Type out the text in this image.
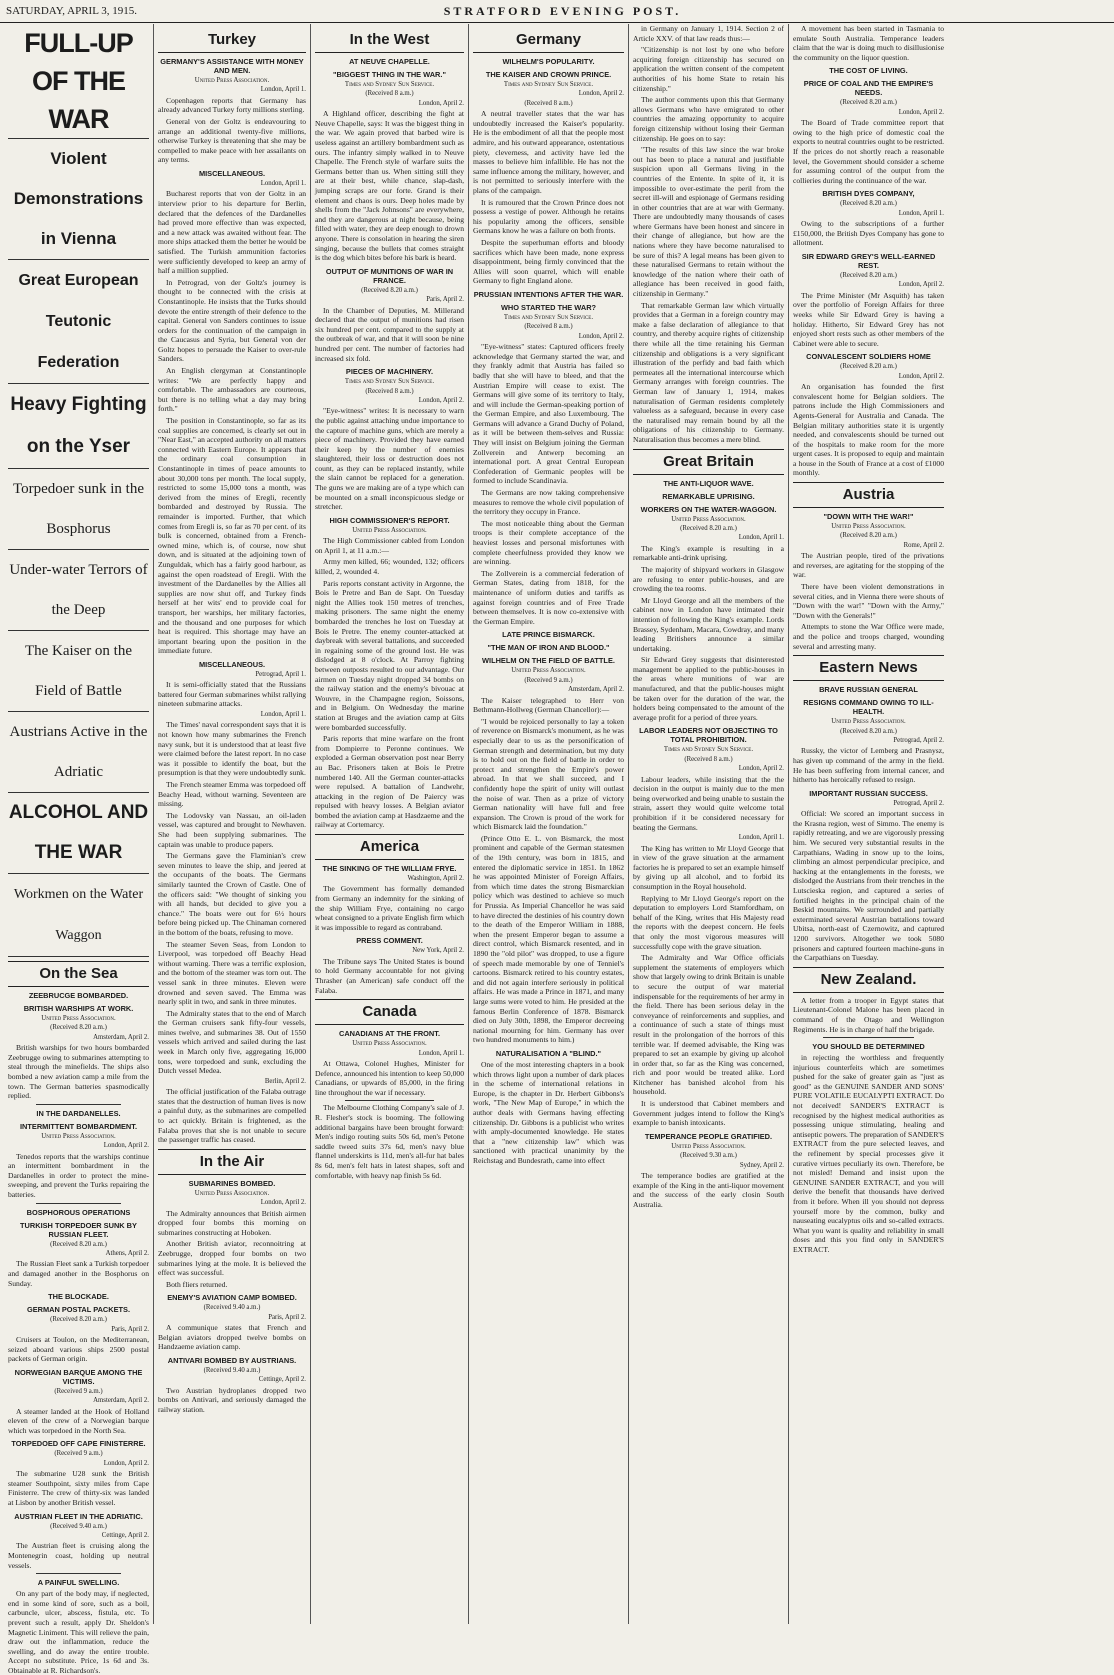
SATURDAY, APRIL 3, 1915.	STRATFORD EVENING POST.
FULL-UP OF THE WAR
Violent Demonstrations in Vienna
Great European Teutonic Federation
Heavy Fighting on the Yser
Torpedoer sunk in the Bosphorus
Under-water Terrors of the Deep
The Kaiser on the Field of Battle
Austrians Active in the Adriatic
ALCOHOL AND THE WAR
Workmen on the Water Waggon
On the Sea
ZEEBRUCGE BOMBARDED.
BRITISH WARSHIPS AT WORK.
United Press Association.
(Received 8.20 a.m.)
Amsterdam, April 2.

British warships for two hours bombarded Zeebrugge owing to submarines attempting to steal through the minefields. The ships also bombed a new aviation camp a mile from the town. The German batteries spasmodically replied.

IN THE DARDANELLES.
INTERMITTENT BOMBARDMENT.
United Press Association.
London, April 2.

Tenedos reports that the warships continue an intermittent bombardment in the Dardanelles in order to protect the mine-sweeping, and prevent the Turks repairing the batteries.

BOSPHOROUS OPERATIONS
TURKISH TORPEDOER SUNK BY RUSSIAN FLEET.
(Received 8.20 a.m.)
Athens, April 2.

The Russian Fleet sank a Turkish torpedoer and damaged another in the Bosphorus on Sunday.

THE BLOCKADE.
GERMAN POSTAL PACKETS.
(Received 8.20 a.m.)
Paris, April 2.

Cruisers at Toulon, on the Mediterranean, seized aboard various ships 2500 postal packets of German origin.

NORWEGIAN BARQUE AMONG THE VICTIMS.
(Received 9 a.m.)
Amsterdam, April 2.

A steamer landed at the Hook of Holland eleven of the crew of a Norwegian barque which was torpedoed in the North Sea.

TORPEDOED OFF CAPE FINISTERRE.
(Received 9 a.m.)
London, April 2.

The submarine U28 sunk the British steamer Southpoint, sixty miles from Cape Finisterre. The crew of thirty-six was landed at Lisbon by another British vessel.

AUSTRIAN FLEET IN THE ADRIATIC.
(Received 9.40 a.m.)
Cettinge, April 2.

The Austrian fleet is cruising along the Montenegrin coast, holding up neutral vessels.

A PAINFUL SWELLING.

On any part of the body may, if neglected, end in some kind of sore, such as a boil, carbuncle, ulcer, abscess, fistula, etc. To prevent such a result, apply Dr. Sheldon's Magnetic Liniment. This will relieve the pain, draw out the inflammation, reduce the swelling, and do away the entire trouble. Accept no substitute. Price, 1s 6d and 3s. Obtainable at R. Richardson's.

Turkey
GERMANY'S ASSISTANCE WITH MONEY AND MEN.
United Press Association.
London, April 1.

Copenhagen reports that Germany has already advanced Turkey forty millions sterling.

General von der Goltz is endeavouring to arrange an additional twenty-five millions, otherwise Turkey is threatening that she may be compelled to make peace with her assailants on any terms.

MISCELLANEOUS.
London, April 1.

Bucharest reports that von der Goltz in an interview prior to his departure for Berlin, declared that the defences of the Dardanelles had proved more effective than was expected, and a new attack was awaited without fear. The more ships attacked them the better he would be satisfied. The Turkish ammunition factories were sufficiently developed to keep an army of half a million supplied.

In Petrograd, von der Goltz's journey is thought to be connected with the crisis at Constantinople. He insists that the Turks should devote the entire strength of their defence to the capital. General von Sanders continues to issue orders for the continuation of the campaign in the Caucasus and Syria, but General von der Goltz hopes to persuade the Kaiser to over-rule Sanders.

An English clergyman at Constantinople writes: "We are perfectly happy and comfortable. The ambassadors are courteous, but there is no telling what a day may bring forth."

The position in Constantinople, so far as its coal supplies are concerned, is clearly set out in "Near East," an accepted authority on all matters connected with Eastern Europe. It appears that the ordinary coal consumption in Constantinople in times of peace amounts to about 30,000 tons per month. The local supply, restricted to some 15,000 tons a month, was derived from the mines of Eregli, recently bombarded and destroyed by Russia. The remainder is imported. Further, that which comes from Eregli is, so far as 70 per cent. of its bulk is concerned, obtained from a French-owned mine, which is, of course, now shut down, and is situated at the adjoining town of Zunguldak, which has a fairly good harbour, as against the open roadstead of Eregli. With the investment of the Dardanelles by the Allies all supplies are now shut off, and Turkey finds herself at her wits' end to provide coal for transport, her warships, her military factories, and the thousand and one purposes for which heat is required. This shortage may have an important bearing upon the position in the immediate future.

MISCELLANEOUS.
Petrograd, April 1.

It is semi-officially stated that the Russians battered four German submarines whilst rallying nineteen submarine attacks.

London, April 1.

The Times' naval correspondent says that it is not known how many submarines the French navy sunk, but it is understood that at least five were claimed before the latest report. In no case was it possible to identify the boat, but the presumption is that they were undoubtedly sunk.

The French steamer Emma was torpedoed off Beachy Head, without warning. Seventeen are missing.

The Lodovsky van Nassau, an oil-laden vessel, was captured and brought to Newhaven. She had been supplying submarines. The captain was unable to produce papers.

The Germans gave the Flaminian's crew seven minutes to leave the ship, and jeered at the occupants of the boats. The Germans similarly taunted the Crown of Castle. One of the officers said: "We thought of sinking you with all hands, but decided to give you a chance." The boats were out for 6½ hours before being picked up. The Chinaman cornered in the bottom of the boats, refusing to move.

The steamer Seven Seas, from London to Liverpool, was torpedoed off Beachy Head without warning. There was a terrific explosion, and the bottom of the steamer was torn out. The vessel sank in three minutes. Eleven were drowned and seven saved. The Emma was nearly split in two, and sank in three minutes.

The Admiralty states that to the end of March the German cruisers sank fifty-four vessels, mines twelve, and submarines 38. Out of 1550 vessels which arrived and sailed during the last week in March only five, aggregating 16,000 tons, were torpedoed and sunk, excluding the Dutch vessel Medea.

Berlin, April 2.

The official justification of the Falaba outrage states that the destruction of human lives is now a painful duty, as the submarines are compelled to act quickly. Britain is frightened, as the Falaba proves that she is not unable to secure the passenger traffic has ceased.

In the Air
SUBMARINES BOMBED.
United Press Association.
London, April 2.

The Admiralty announces that British airmen dropped four bombs this morning on submarines constructing at Hoboken.

Another British aviator, reconnoitring at Zeebrugge, dropped four bombs on two submarines lying at the mole. It is believed the effect was successful.

Both fliers returned.

ENEMY'S AVIATION CAMP BOMBED.
(Received 9.40 a.m.)
Paris, April 2.

A communique states that French and Belgian aviators dropped twelve bombs on Handzaeme aviation camp.

ANTIVARI BOMBED BY AUSTRIANS.
(Received 9.40 a.m.)
Cettinge, April 2.

Two Austrian hydroplanes dropped two bombs on Antivari, and seriously damaged the railway station.

In the West
AT NEUVE CHAPELLE.
"BIGGEST THING IN THE WAR."
Times and Sydney Sun Service.
(Received 8 a.m.)
London, April 2.

A Highland officer, describing the fight at Neuve Chapelle, says: It was the biggest thing in the war. We again proved that barbed wire is useless against an artillery bombardment such as ours. The infantry simply walked in to Neuve Chapelle. The French style of warfare suits the Germans better than us. When sitting still they are at their best, while chance, slap-dash, jumping scraps are our forte. Grand is their element and chaos is ours. Deep holes made by shells from the "Jack Johnsons" are everywhere, and they are dangerous at night because, being filled with water, they are deep enough to drown anyone. There is consolation in hearing the siren singing, because the bullets that comes straight is the dog which bites before his bark is heard.

OUTPUT OF MUNITIONS OF WAR IN FRANCE.
(Received 8.20 a.m.)
Paris, April 2.

In the Chamber of Deputies, M. Millerand declared that the output of munitions had risen six hundred per cent. compared to the supply at the outbreak of war, and that it will soon be nine hundred per cent. The number of factories had increased six fold.

PIECES OF MACHINERY.
Times and Sydney Sun Service.
(Received 8 a.m.)
London, April 2.

"Eye-witness" writes: It is necessary to warn the public against attaching undue importance to the capture of machine guns, which are merely a piece of machinery. Provided they have earned their keep by the number of enemies slaughtered, their loss or destruction does not count, as they can be replaced instantly, while the slain cannot be replaced for a generation. The guns we are making are of a type which can be mounted on a small inconspicuous sledge or stretcher.

HIGH COMMISSIONER'S REPORT.
United Press Association.

The High Commissioner cabled from London on April 1, at 11 a.m.:—

Army men killed, 66; wounded, 132; officers killed, 2, wounded 4.

Paris reports constant activity in Argonne, the Bois le Pretre and Ban de Sapt. On Tuesday night the Allies took 150 metres of trenches, making prisoners. The same night the enemy bombarded the trenches he lost on Tuesday at Bois le Pretre. The enemy counter-attacked at daybreak with several battalions, and succeeded in regaining some of the ground lost. He was dislodged at 8 o'clock. At Parroy fighting between outposts resulted to our advantage. Our airmen on Tuesday night dropped 34 bombs on the railway station and the enemy's bivouac at Wouvre, in the Champagne region, Soissons, and in Belgium. On Wednesday the marine station at Bruges and the aviation camp at Gits were bombarded successfully.

Paris reports that mine warfare on the front from Dompierre to Peronne continues. We exploded a German observation post near Berry au Bac. Prisoners taken at Bois le Pretre numbered 140. All the German counter-attacks were repulsed. A battalion of Landwehr, attacking in the region of De Paiercy was repulsed with heavy losses. A Belgian aviator bombed the aviation camp at Hasdzaeme and the railway at Cortemarcy.

America
THE SINKING OF THE WILLIAM FRYE.
Washington, April 2.

The Government has formally demanded from Germany an indemnity for the sinking of the ship William Frye, containing no cargo wheat consigned to a private English firm which it was impossible to regard as contraband.

PRESS COMMENT.
New York, April 2.

The Tribune says The United States is bound to hold Germany accountable for not giving Thrasher (an American) safe conduct off the Falaba.

Canada
CANADIANS AT THE FRONT.
United Press Association.
London, April 1.

At Ottawa, Colonel Hughes, Minister for Defence, announced his intention to keep 50,000 Canadians, or upwards of 85,000, in the firing line throughout the war if necessary.

The Melbourne Clothing Company's sale of J. R. Flesher's stock is booming. The following additional bargains have been brought forward: Men's indigo routing suits 50s 6d, men's Petone saddle tweed suits 37s 6d, men's navy blue flannel underskirts is 11d, men's all-fur hat bales 8s 6d, men's felt hats in latest shapes, soft and comfortable, with heavy nap finish 5s 6d.

Germany
WILHELM'S POPULARITY.
THE KAISER AND CROWN PRINCE.
Times and Sydney Sun Service.
London, April 2.
(Received 8 a.m.)

A neutral traveller states that the war has undoubtedly increased the Kaiser's popularity. He is the embodiment of all that the people most admire, and his outward appearance, ostentatious piety, cleverness, and activity have led the masses to believe him infallible. He has not the same influence among the military, however, and is not permitted to seriously interfere with the plans of the campaign.

It is rumoured that the Crown Prince does not possess a vestige of power. Although he retains his popularity among the officers, sensible Germans know he was a failure on both fronts.

Despite the superhuman efforts and bloody sacrifices which have been made, none express disappointment, being firmly convinced that the Allies will soon quarrel, which will enable Germany to fight England alone.

PRUSSIAN INTENTIONS AFTER THE WAR.
WHO STARTED THE WAR?
Times and Sydney Sun Service.
(Received 8 a.m.)
London, April 2.

"Eye-witness" states: Captured officers freely acknowledge that Germany started the war, and they frankly admit that Austria has failed so badly that she will have to bleed, and that the Austrian Empire will cease to exist. The Germans will give some of its territory to Italy, and will include the German-speaking portion of the German Empire, and also Luxembourg. The Germans will advance a Grand Duchy of Poland, as it will be between them-selves and Russia: They will insist on Belgium joining the German Zollverein and Antwerp becoming an international port. A great Central European Confederation of Germanic peoples will be formed to include Scandinavia.

The Germans are now taking comprehensive measures to remove the whole civil population of the territory they occupy in France.

The most noticeable thing about the German troops is their complete acceptance of the heaviest losses and personal misfortunes with complete cheerfulness provided they know we are winning.

The Zollverein is a commercial federation of German States, dating from 1818, for the maintenance of uniform duties and tariffs as against foreign countries and of Free Trade between themselves. It is now co-extensive with the German Empire.

LATE PRINCE BISMARCK.
"THE MAN OF IRON AND BLOOD."
WILHELM ON THE FIELD OF BATTLE.
United Press Association.
(Received 9 a.m.)
Amsterdam, April 2.

The Kaiser telegraphed to Herr von Bethmann-Hollweg (German Chancellor):—

"I would be rejoiced personally to lay a token of reverence on Bismarck's monument, as he was especially dear to us as the personification of German strength and determination, but my duty is to hold out on the field of battle in order to protect and strengthen the Empire's power abroad. In that we shall succeed, and I confidently hope the spirit of unity will outlast the noise of war. Then as a prize of victory German nationality will have full and free expansion. The Crown is proud of the work for which Bismarck laid the foundation."

(Prince Otto E. L. von Bismarck, the most prominent and capable of the German statesmen of the 19th century, was born in 1815, and entered the diplomatic service in 1851. In 1862 he was appointed Minister of Foreign Affairs, from which time dates the strong Bismarckian policy which was destined to achieve so much for Prussia. As Imperial Chancellor he was said to have directed the destinies of his country down to the death of the Emperor William in 1888, when the present Emperor began to assume a direct control, which Bismarck resented, and in 1890 the "old pilot" was dropped, to use a figure of speech made memorable by one of Tenniel's cartoons. Bismarck retired to his country estates, and did not again interfere seriously in political affairs. He was made a Prince in 1871, and many large sums were voted to him. He presided at the famous Berlin Conference of 1878. Bismarck died on July 30th, 1898, the Emperor decreeing national mourning for him. Germany has over two hundred monuments to him.)

NATURALISATION A "BLIND."

One of the most interesting chapters in a book which throws light upon a number of dark places in the scheme of international relations in Europe, is the chapter in Dr. Herbert Gibbons's work, "The New Map of Europe," in which the author deals with Germans having effecting citizenship. Dr. Gibbons is a publicist who writes with amply-documented knowledge. He states that a "new citizenship law" which was sanctioned with practical unanimity by the Reichstag and Bundesrath, came into effect

in Germany on January 1, 1914. Section 2 of Article XXV. of that law reads thus:—

"Citizenship is not lost by one who before acquiring foreign citizenship has secured on application the written consent of the competent authorities of his home State to retain his citizenship."

The author comments upon this that Germany allows Germans who have emigrated to other countries the amazing opportunity to acquire foreign citizenship without losing their German citizenship. He goes on to say:

"The results of this law since the war broke out has been to place a natural and justifiable suspicion upon all Germans living in the countries of the Entente. In spite of it, it is impossible to over-estimate the peril from the secret ill-will and espionage of Germans residing in other countries that are at war with Germany. There are undoubtedly many thousands of cases where Germans have been honest and sincere in their change of allegiance, but how are the nations where they have become naturalised to be sure of this? A legal means has been given to these naturalised Germans to retain without the knowledge of the nation where their oath of allegiance has been received in good faith, citizenship in Germany."

That remarkable German law which virtually provides that a German in a foreign country may make a false declaration of allegiance to that country, and thereby acquire rights of citizenship there while all the time retaining his German citizenship and obligations is a very significant illustration of the perfidy and bad faith which permeates all the international intercourse which Germany arranges with foreign countries. The German law of January 1, 1914, makes naturalisation of German residents completely valueless as a safeguard, because in every case the naturalised may remain bound by all the obligations of his citizenship to Germany. Naturalisation thus becomes a mere blind.

Great Britain
THE ANTI-LIQUOR WAVE.
REMARKABLE UPRISING.
WORKERS ON THE WATER-WAGGON.
United Press Association.
(Received 8.20 a.m.)
London, April 1.

The King's example is resulting in a remarkable anti-drink uprising.

The majority of shipyard workers in Glasgow are refusing to enter public-houses, and are crowding the tea rooms.

Mr Lloyd George and all the members of the cabinet now in London have intimated their intention of following the King's example. Lords Brassey, Sydenham, Macara, Cowdray, and many leading Britishers announce a similar undertaking.

Sir Edward Grey suggests that disinterested management be applied to the public-houses in the areas where munitions of war are manufactured, and that the public-houses might be taken over for the duration of the war, the holders being compensated to the amount of the average profit for a period of three years.

LABOR LEADERS NOT OBJECTING TO TOTAL PROHIBITION.
Times and Sydney Sun Service.
(Received 8 a.m.)
London, April 2.

Labour leaders, while insisting that the the decision in the output is mainly due to the men being overworked and being unable to sustain the strain, assert they would quite welcome total prohibition if it be considered necessary for beating the Germans.

London, April 1.

The King has written to Mr Lloyd George that in view of the grave situation at the armament factories he is prepared to set an example himself by giving up all alcohol, and to forbid its consumption in the Royal household.

Replying to Mr Lloyd George's report on the deputation to employers Lord Stamfordham, on behalf of the King, writes that His Majesty read the reports with the deepest concern. He feels that only the most vigorous measures will successfully cope with the grave situation.

The Admiralty and War Office officials supplement the statements of employers which show that largely owing to drink Britain is unable to secure the output of war material indispensable for the requirements of her army in the field. There has been serious delay in the conveyance of reinforcements and supplies, and a continuance of such a state of things must result in the prolongation of the horrors of this terrible war. If deemed advisable, the King was prepared to set an example by giving up alcohol in order that, so far as the King was concerned, rich and poor would be treated alike. Lord Kitchener has banished alcohol from his household.

It is understood that Cabinet members and Government judges intend to follow the King's example to banish intoxicants.

TEMPERANCE PEOPLE GRATIFIED.
United Press Association.
(Received 9.30 a.m.)
Sydney, April 2.

The temperance bodies are gratified at the example of the King in the anti-liquor movement and the success of the early closin South Australia.

A movement has been started in Tasmania to emulate South Australia. Temperance leaders claim that the war is doing much to disillusionise the community on the liquor question.

THE COST OF LIVING.
PRICE OF COAL AND THE EMPIRE'S NEEDS.
(Received 8.20 a.m.)
London, April 2.

The Board of Trade committee report that owing to the high price of domestic coal the exports to neutral countries ought to be restricted. If the prices do not shortly reach a reasonable level, the Government should consider a scheme for assuming control of the output from the collieries during the continuance of the war.

BRITISH DYES COMPANY,
(Received 8.20 a.m.)
London, April 1.

Owing to the subscriptions of a further £150,000, the British Dyes Company has gone to allotment.

SIR EDWARD GREY'S WELL-EARNED REST.
(Received 8.20 a.m.)
London, April 2.

The Prime Minister (Mr Asquith) has taken over the portfolio of Foreign Affairs for three weeks while Sir Edward Grey is having a holiday. Hitherto, Sir Edward Grey has not enjoyed short rests such as other members of the Cabinet were able to secure.

CONVALESCENT SOLDIERS HOME
(Received 8.20 a.m.)
London, April 2.

An organisation has founded the first convalescent home for Belgian soldiers. The patrons include the High Commissioners and Agents-General for Australia and Canada. The Belgian military authorities state it is urgently needed, and convalescents should be turned out of the hospitals to make room for the more urgent cases. It is proposed to equip and maintain a house in the South of France at a cost of £1000 monthly.

Austria
"DOWN WITH THE WAR!"
United Press Association.
(Received 8.20 a.m.)
Rome, April 2.

The Austrian people, tired of the privations and reverses, are agitating for the stopping of the war.

There have been violent demonstrations in several cities, and in Vienna there were shouts of "Down with the war!" "Down with the Army," "Down with the Generals!"

Attempts to stone the War Office were made, and the police and troops charged, wounding several and arresting many.

Eastern News
BRAVE RUSSIAN GENERAL
RESIGNS COMMAND OWING TO ILL-HEALTH.
United Press Association.
(Received 8.20 a.m.)
Petrograd, April 2.

Russky, the victor of Lemberg and Prasnysz, has given up command of the army in the field. He has been suffering from internal cancer, and hitherto has heroically refused to resign.

IMPORTANT RUSSIAN SUCCESS.
Petrograd, April 2.

Official: We scored an important success in the Krasna region, west of Simmo. The enemy is rapidly retreating, and we are vigorously pressing him. We secured very substantial results in the Carpathians, Wading in snow up to the loins, climbing an almost perpendicular precipice, and hacking at the entanglements in the forests, we dislodged the Austrians from their trenches in the Lutscieska region, and captured a series of fortified heights in the principal chain of the Beskid mountains. We surrounded and partially exterminated several Austrian battalions toward Ubitsa, north-east of Czernowitz, and captured 1200 survivors. Altogether we took 5080 prisoners and captured fourteen machine-guns in the Carpathians on Tuesday.

New Zealand.

A letter from a trooper in Egypt states that Lieutenant-Colonel Malone has been placed in command of the Otago and Wellington Regiments. He is in charge of half the brigade.

YOU SHOULD BE DETERMINED

in rejecting the worthless and frequently injurious counterfeits which are sometimes pushed for the sake of greater gain as "just as good" as the GENUINE SANDER AND SONS' PURE VOLATILE EUCALYPTI EXTRACT. Do not deceived! SANDER'S EXTRACT is recognised by the highest medical authorities as possessing unique stimulating, healing and antiseptic powers. The preparation of SANDER'S EXTRACT from the pure selected leaves, and the refinement by special processes give it curative virtues peculiarly its own. Therefore, be not misled! Demand and insist upon the GENUINE SANDER EXTRACT, and you will derive the benefit that thousands have derived from it before. When ill you should not depress yourself more by the common, bulky and nauseating eucalyptus oils and so-called extracts. What you want is quality and reliability in small doses and this you find only in SANDER'S EXTRACT.
